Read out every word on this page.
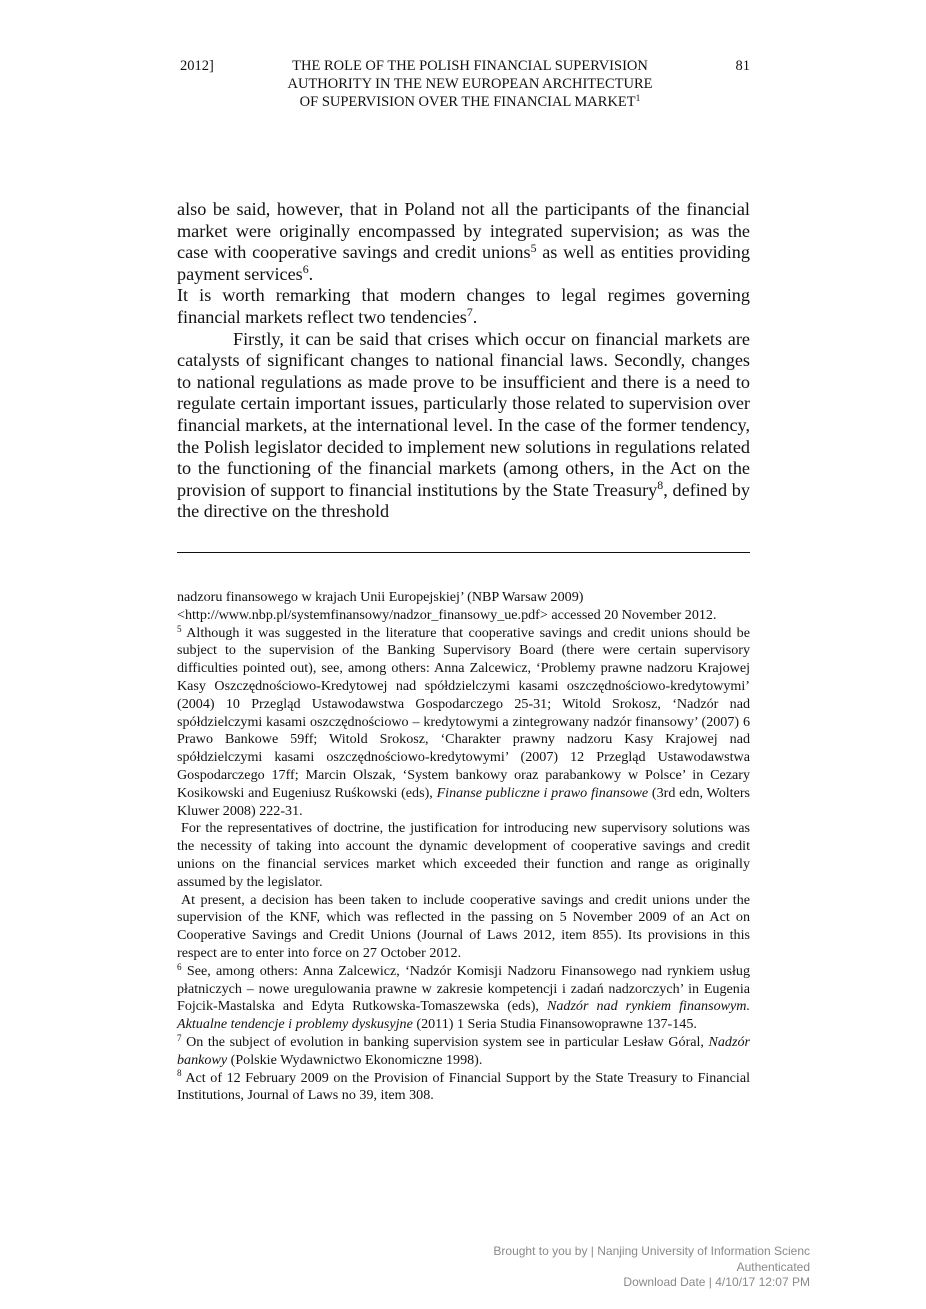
2012]	THE ROLE OF THE POLISH FINANCIAL SUPERVISION
AUTHORITY IN THE NEW EUROPEAN ARCHITECTURE
OF SUPERVISION OVER THE FINANCIAL MARKET$^1$
81

also be said, however, that in Poland not all the participants of the financial market were originally encompassed by integrated supervision; as was the case with cooperative savings and credit unions$^5$ as well as entities providing payment services$^6$.

It is worth remarking that modern changes to legal regimes governing financial markets reflect two tendencies$^7$.

Firstly, it can be said that crises which occur on financial markets are catalysts of significant changes to national financial laws. Secondly, changes to national regulations as made prove to be insufficient and there is a need to regulate certain important issues, particularly those related to supervision over financial markets, at the international level. In the case of the former tendency, the Polish legislator decided to implement new solutions in regulations related to the functioning of the financial markets (among others, in the Act on the provision of support to financial institutions by the State Treasury$^8$, defined by the directive on the threshold

nadzoru finansowego w krajach Unii Europejskiej’ (NBP Warsaw 2009)

<http://www.nbp.pl/systemfinansowy/nadzor_finansowy_ue.pdf> accessed 20 November 2012.

$^5$ Although it was suggested in the literature that cooperative savings and credit unions should be subject to the supervision of the Banking Supervisory Board (there were certain supervisory difficulties pointed out), see, among others: Anna Zalcewicz, ‘Problemy prawne nadzoru Krajowej Kasy Oszczędnościowo-Kredytowej nad spółdzielczymi kasami oszczędnościowo-kredytowymi’ (2004) 10 Przegląd Ustawodawstwa Gospodarczego 25-31; Witold Srokosz, ‘Nadzór nad spółdzielczymi kasami oszczędnościowo – kredytowymi a zintegrowany nadzór finansowy’ (2007) 6 Prawo Bankowe 59ff; Witold Srokosz, ‘Charakter prawny nadzoru Kasy Krajowej nad spółdzielczymi kasami oszczędnościowo-kredytowymi’ (2007) 12 Przegląd Ustawodawstwa Gospodarczego 17ff; Marcin Olszak, ‘System bankowy oraz parabankowy w Polsce’ in Cezary Kosikowski and Eugeniusz Ruśkowski (eds), Finanse publiczne i prawo finansowe (3rd edn, Wolters Kluwer 2008) 222-31.

For the representatives of doctrine, the justification for introducing new supervisory solutions was the necessity of taking into account the dynamic development of cooperative savings and credit unions on the financial services market which exceeded their function and range as originally assumed by the legislator.

At present, a decision has been taken to include cooperative savings and credit unions under the supervision of the KNF, which was reflected in the passing on 5 November 2009 of an Act on Cooperative Savings and Credit Unions (Journal of Laws 2012, item 855). Its provisions in this respect are to enter into force on 27 October 2012.

$^6$ See, among others: Anna Zalcewicz, ‘Nadzór Komisji Nadzoru Finansowego nad rynkiem usług płatniczych – nowe uregulowania prawne w zakresie kompetencji i zadań nadzorczych’ in Eugenia Fojcik-Mastalska and Edyta Rutkowska-Tomaszewska (eds), Nadzór nad rynkiem finansowym. Aktualne tendencje i problemy dyskusyjne (2011) 1 Seria Studia Finansowoprawne 137-145.

$^7$ On the subject of evolution in banking supervision system see in particular Lesław Góral, Nadzór bankowy (Polskie Wydawnictwo Ekonomiczne 1998).

$^8$ Act of 12 February 2009 on the Provision of Financial Support by the State Treasury to Financial Institutions, Journal of Laws no 39, item 308.

Brought to you by | Nanjing University of Information Scienc
Authenticated
Download Date | 4/10/17 12:07 PM
